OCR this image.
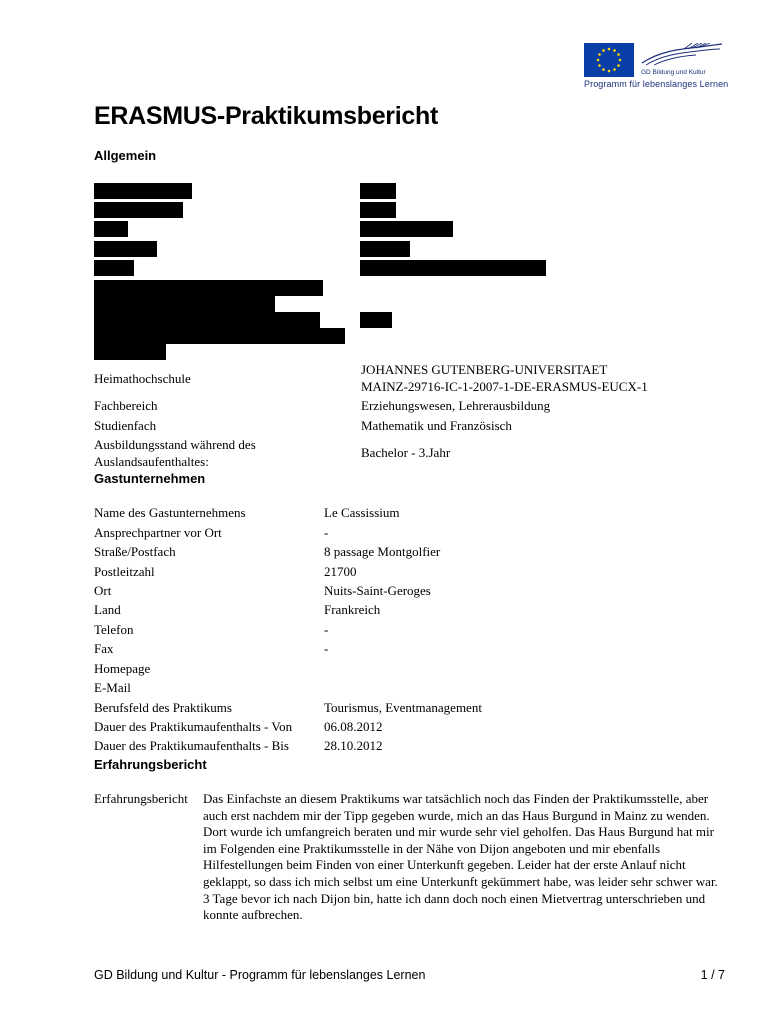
GD Bildung und Kultur
Programm für lebenslanges Lernen
ERASMUS-Praktikumsbericht
Allgemein
Heimathochschule
JOHANNES GUTENBERG-UNIVERSITAET
MAINZ-29716-IC-1-2007-1-DE-ERASMUS-EUCX-1
Fachbereich	Erziehungswesen, Lehrerausbildung
Studienfach	Mathematik und Französisch
Ausbildungsstand während des
Auslandsaufenthaltes:
Bachelor - 3.Jahr
Gastunternehmen
Name des Gastunternehmens	Le Cassissium
Ansprechpartner vor Ort	-
Straße/Postfach	8 passage Montgolfier
Postleitzahl	21700
Ort	Nuits-Saint-Geroges
Land	Frankreich
Telefon	-
Fax	-
Homepage
E-Mail
Berufsfeld des Praktikums	Tourismus, Eventmanagement
Dauer des Praktikumaufenthalts - Von 06.08.2012
Dauer des Praktikumaufenthalts - Bis	28.10.2012
Erfahrungsbericht
Erfahrungsbericht Das Einfachste an diesem Praktikums war tatsächlich noch das Finden der Praktikumsstelle, aber auch erst nachdem mir der Tipp gegeben wurde, mich an das Haus Burgund in Mainz zu wenden. Dort wurde ich umfangreich beraten und mir wurde sehr viel geholfen. Das Haus Burgund hat mir im Folgenden eine Praktikumsstelle in der Nähe von Dijon angeboten und mir ebenfalls Hilfestellungen beim Finden von einer Unterkunft gegeben. Leider hat der erste Anlauf nicht geklappt, so dass ich mich selbst um eine Unterkunft gekümmert habe, was leider sehr schwer war. 3 Tage bevor ich nach Dijon bin, hatte ich dann doch noch einen Mietvertrag unterschrieben und konnte aufbrechen.
GD Bildung und Kultur - Programm für lebenslanges Lernen	1 / 7
